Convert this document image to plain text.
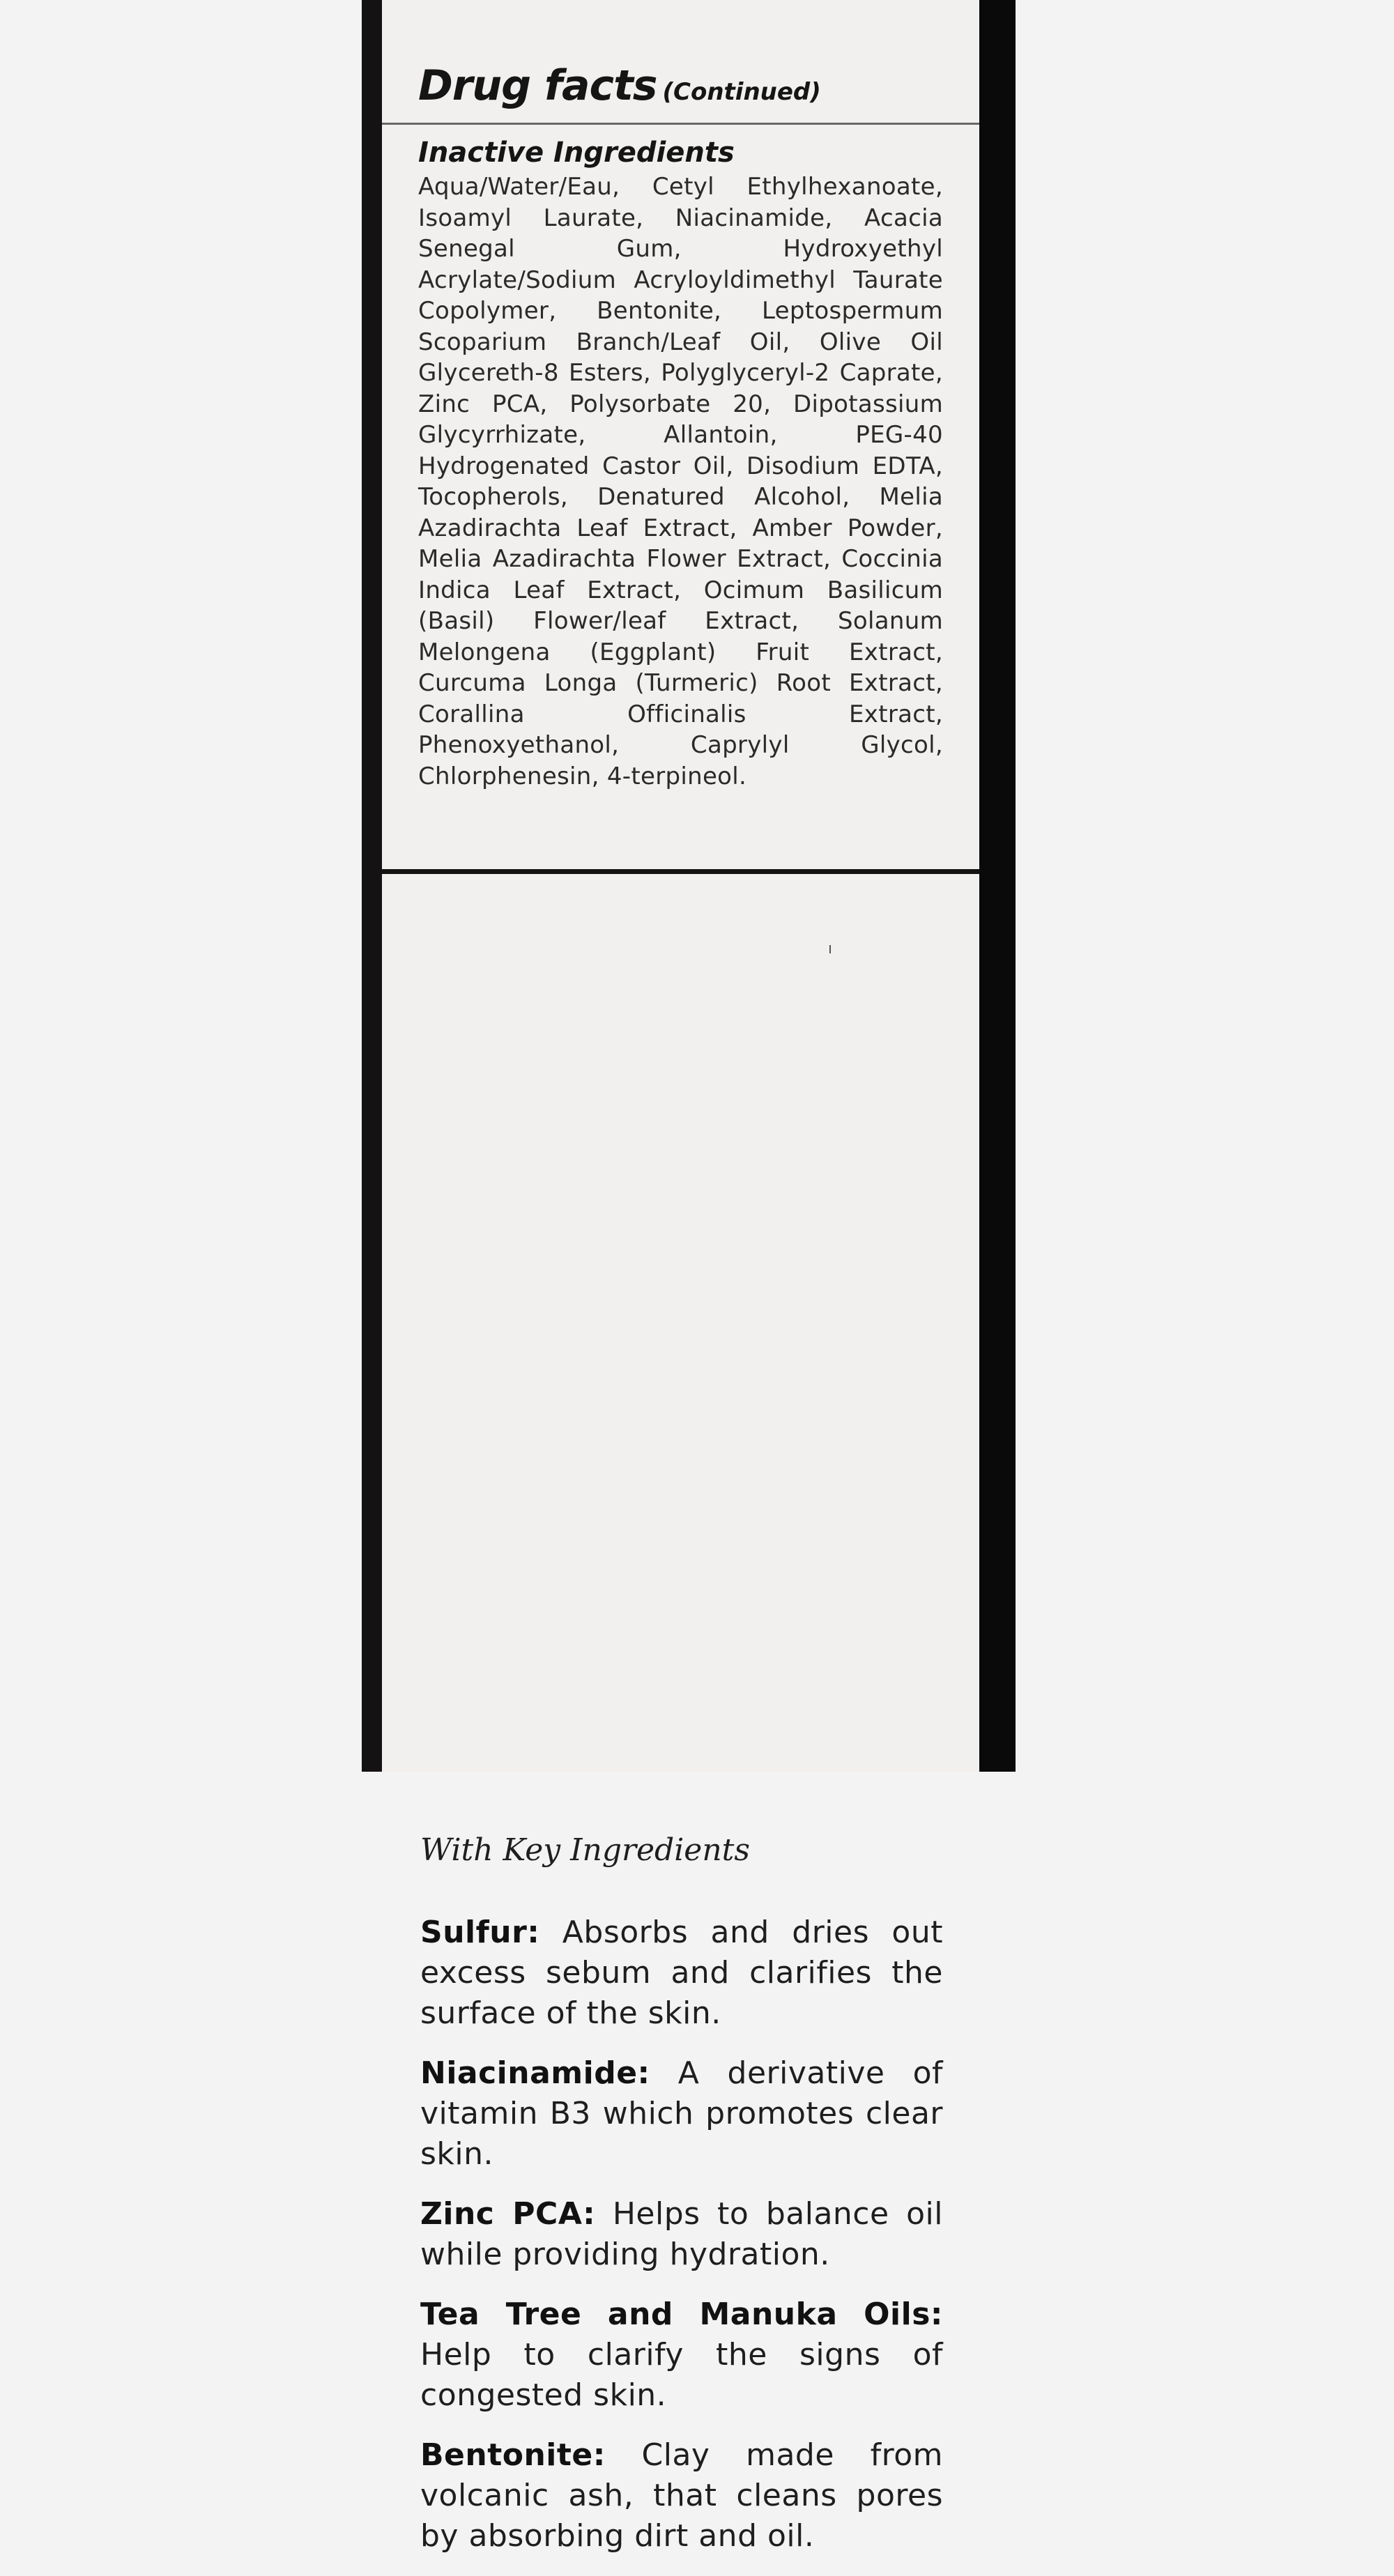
Drug facts (Continued)
Inactive Ingredients
Aqua/Water/Eau, Cetyl Ethylhexanoate, Isoamyl Laurate, Niacinamide, Acacia Senegal Gum, Hydroxyethyl Acrylate/Sodium Acryloyldimethyl Taurate Copolymer, Bentonite, Leptospermum Scoparium Branch/Leaf Oil, Olive Oil Glycereth-8 Esters, Polyglyceryl-2 Caprate, Zinc PCA, Polysorbate 20, Dipotassium Glycyrrhizate, Allantoin, PEG-40 Hydrogenated Castor Oil, Disodium EDTA, Tocopherols, Denatured Alcohol, Melia Azadirachta Leaf Extract, Amber Powder, Melia Azadirachta Flower Extract, Coccinia Indica Leaf Extract, Ocimum Basilicum (Basil) Flower/leaf Extract, Solanum Melongena (Eggplant) Fruit Extract, Curcuma Longa (Turmeric) Root Extract, Corallina Officinalis Extract, Phenoxyethanol, Caprylyl Glycol, Chlorphenesin, 4-terpineol.
With Key Ingredients
Sulfur: Absorbs and dries out excess sebum and clarifies the surface of the skin.
Niacinamide: A derivative of vitamin B3 which promotes clear skin.
Zinc PCA: Helps to balance oil while providing hydration.
Tea Tree and Manuka Oils: Help to clarify the signs of congested skin.
Bentonite: Clay made from volcanic ash, that cleans pores by absorbing dirt and oil.
